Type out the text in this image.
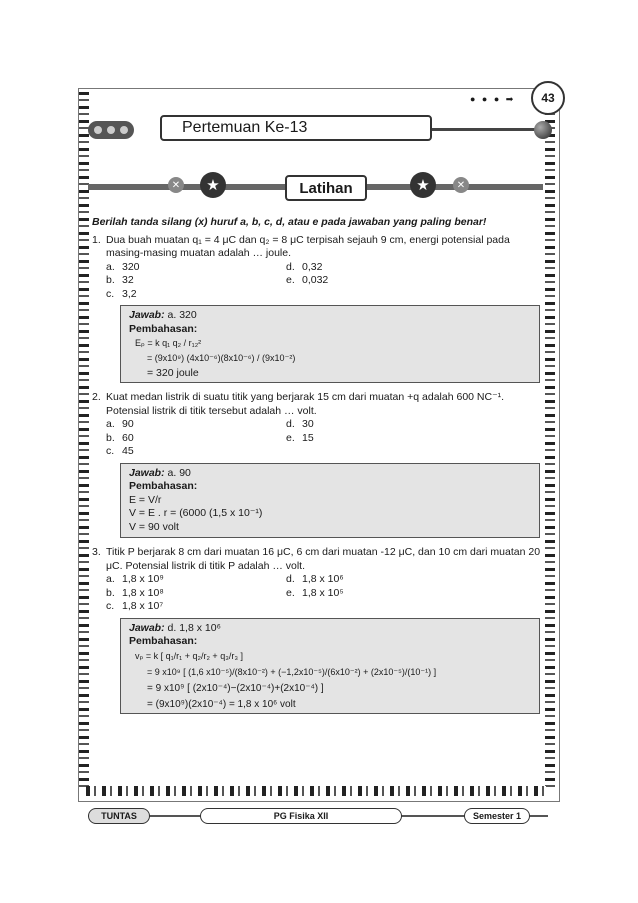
● ● ● ➡	43
Pertemuan Ke-13
✕	★	Latihan	★	✕
Berilah tanda silang (x) huruf a, b, c, d, atau e pada jawaban yang paling benar!
1. Dua buah muatan q₁ = 4 μC dan q₂ = 8 μC terpisah sejauh 9 cm, energi potensial pada masing-masing muatan adalah … joule.
a. 320	d. 0,32
b. 32	e. 0,032
c. 3,2
Jawab: a. 320
Pembahasan:
Eₚ = k q₁ q₂ / r₁₂²
= (9x10⁹) (4x10⁻⁶)(8x10⁻⁶) / (9x10⁻²)
= 320 joule
2. Kuat medan listrik di suatu titik yang berjarak 15 cm dari muatan +q adalah 600 NC⁻¹. Potensial listrik di titik tersebut adalah … volt.
a. 90	d. 30
b. 60	e. 15
c. 45
Jawab: a. 90
Pembahasan:
E = V/r
V = E . r = (6000 (1,5 x 10⁻¹)
V = 90 volt
3. Titik P berjarak 8 cm dari muatan 16 μC, 6 cm dari muatan -12 μC, dan 10 cm dari muatan 20 μC. Potensial listrik di titik P adalah … volt.
a. 1,8 x 10⁹	d. 1,8 x 10⁶
b. 1,8 x 10⁸	e. 1,8 x 10⁵
c. 1,8 x 10⁷
Jawab: d. 1,8 x 10⁶
Pembahasan:
vₚ = k [ q₁/r₁ + q₂/r₂ + q₃/r₃ ]
= 9 x10⁹ [ (1,6 x10⁻⁵)/(8x10⁻²) + (−1,2x10⁻⁵)/(6x10⁻²) + (2x10⁻⁵)/(10⁻¹) ]
= 9 x10⁹ [ (2x10⁻⁴)−(2x10⁻⁴)+(2x10⁻⁴) ]
= (9x10⁹)(2x10⁻⁴) = 1,8 x 10⁶ volt
TUNTAS	PG Fisika XII	Semester 1
